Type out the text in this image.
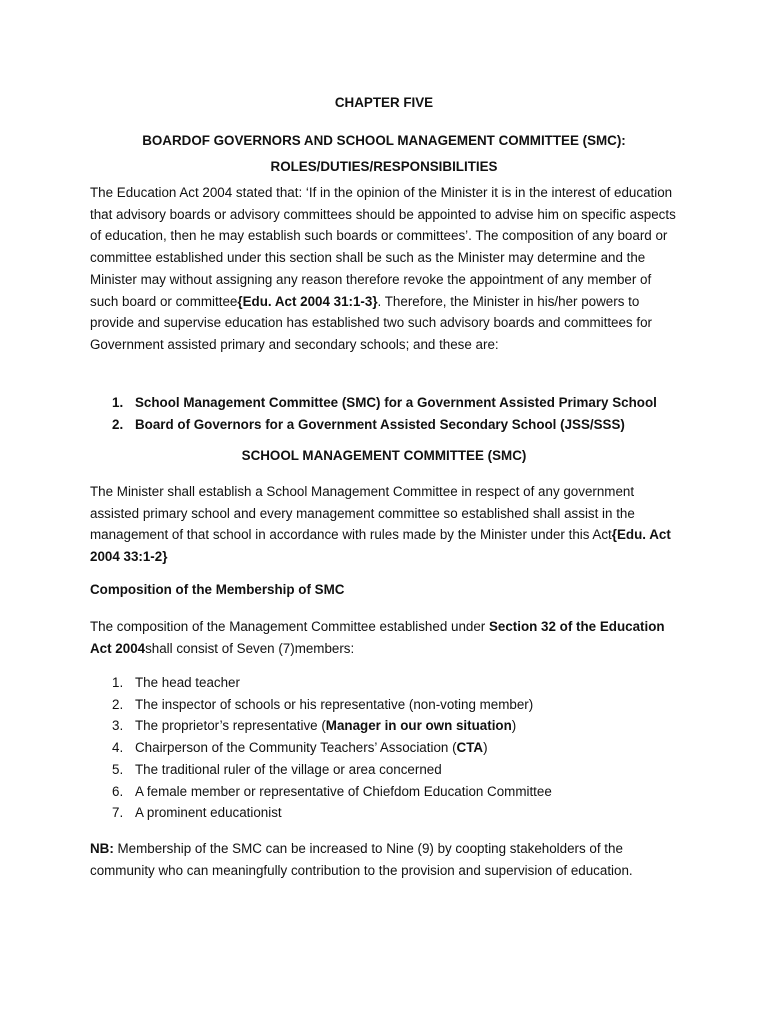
CHAPTER FIVE
BOARDOF GOVERNORS AND SCHOOL MANAGEMENT COMMITTEE (SMC):
ROLES/DUTIES/RESPONSIBILITIES

The Education Act 2004 stated that: ‘If in the opinion of the Minister it is in the interest of education that advisory boards or advisory committees should be appointed to advise him on specific aspects of education, then he may establish such boards or committees’. The composition of any board or committee established under this section shall be such as the Minister may determine and the Minister may without assigning any reason therefore revoke the appointment of any member of such board or committee{Edu. Act 2004 31:1-3}. Therefore, the Minister in his/her powers to provide and supervise education has established two such advisory boards and committees for Government assisted primary and secondary schools; and these are:

1. School Management Committee (SMC) for a Government Assisted Primary School
2. Board of Governors for a Government Assisted Secondary School (JSS/SSS)
SCHOOL MANAGEMENT COMMITTEE (SMC)

The Minister shall establish a School Management Committee in respect of any government assisted primary school and every management committee so established shall assist in the management of that school in accordance with rules made by the Minister under this Act{Edu. Act 2004 33:1-2}

Composition of the Membership of SMC

The composition of the Management Committee established under Section 32 of the Education Act 2004shall consist of Seven (7)members:

1. The head teacher
2. The inspector of schools or his representative (non-voting member)
3. The proprietor’s representative (Manager in our own situation)
4. Chairperson of the Community Teachers’ Association (CTA)
5. The traditional ruler of the village or area concerned
6. A female member or representative of Chiefdom Education Committee
7. A prominent educationist

NB: Membership of the SMC can be increased to Nine (9) by coopting stakeholders of the community who can meaningfully contribution to the provision and supervision of education.
